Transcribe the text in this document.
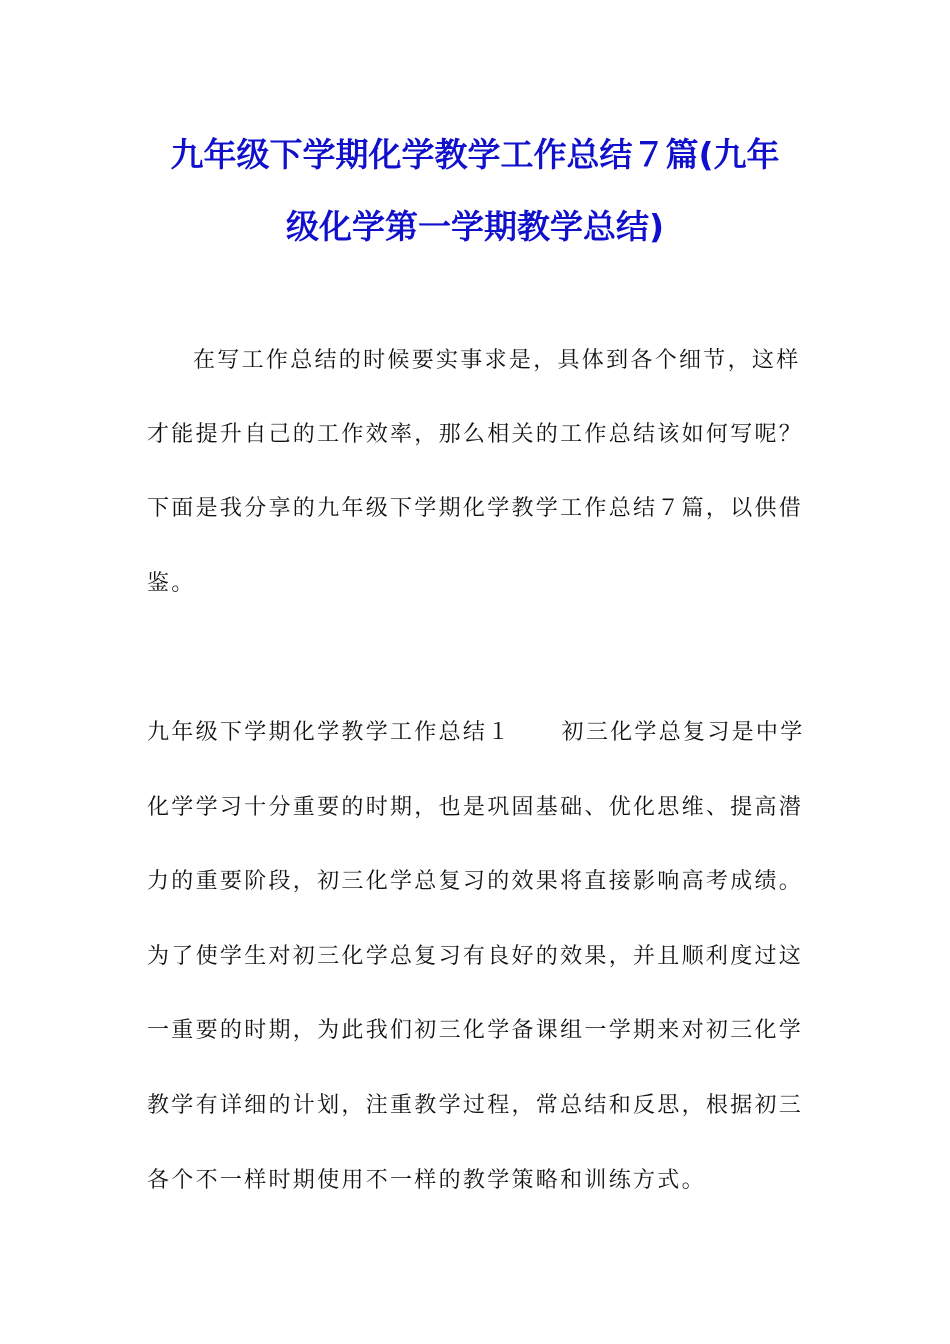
九年级下学期化学教学工作总结７篇(九年
级化学第一学期教学总结)
在写工作总结的时候要实事求是，具体到各个细节，这样
才能提升自己的工作效率，那么相关的工作总结该如何写呢？
下面是我分享的九年级下学期化学教学工作总结７篇，以供借
鉴。
九年级下学期化学教学工作总结１ 初三化学总复习是中学
化学学习十分重要的时期，也是巩固基础、优化思维、提高潜
力的重要阶段，初三化学总复习的效果将直接影响高考成绩。
为了使学生对初三化学总复习有良好的效果，并且顺利度过这
一重要的时期，为此我们初三化学备课组一学期来对初三化学
教学有详细的计划，注重教学过程，常总结和反思，根据初三
各个不一样时期使用不一样的教学策略和训练方式。
